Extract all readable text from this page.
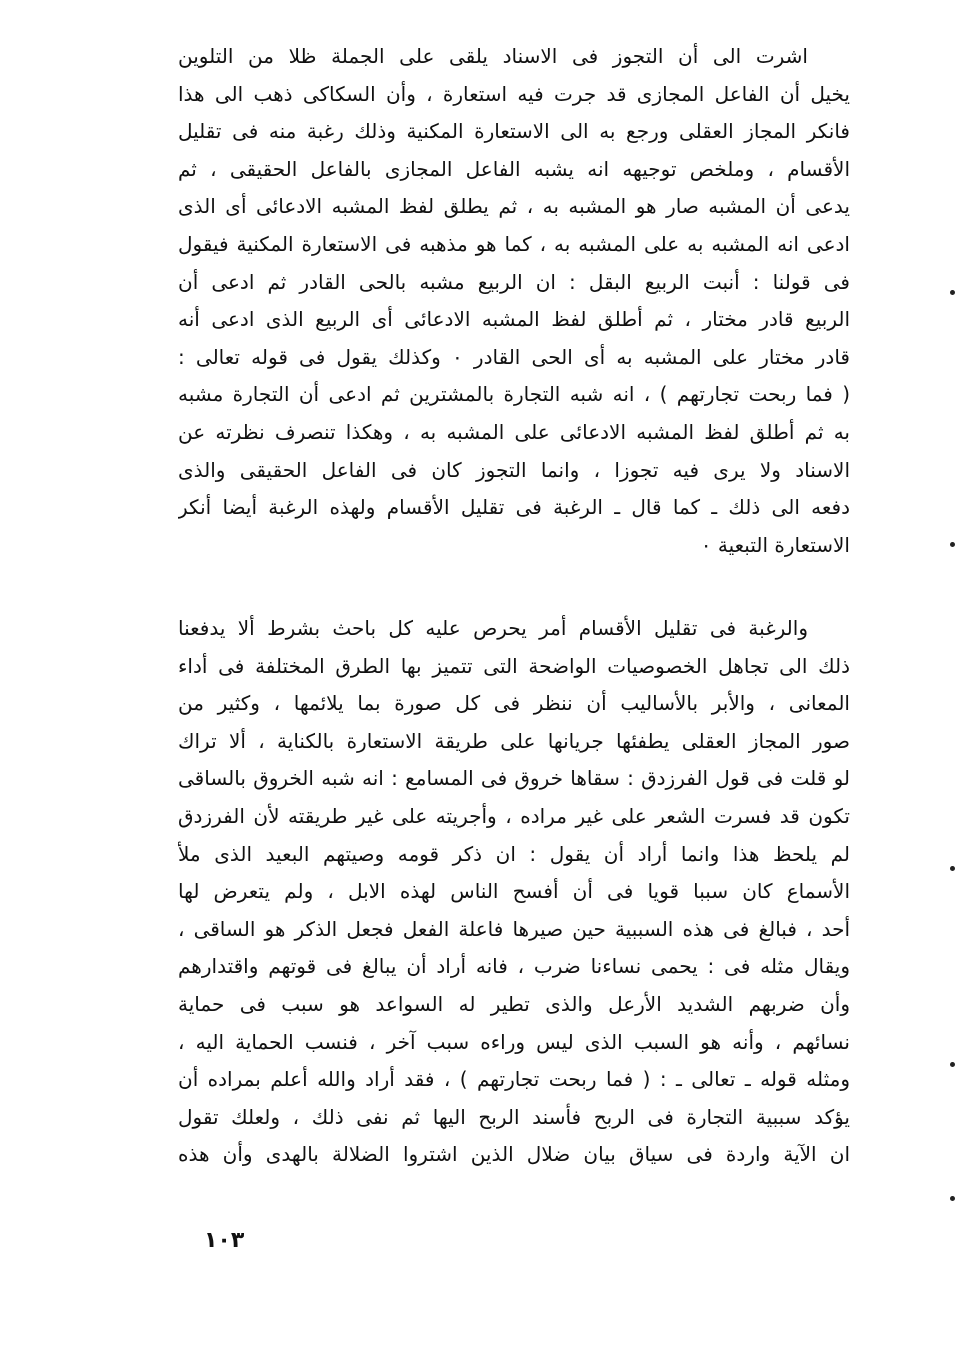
اشرت الى أن التجوز فى الاسناد يلقى على الجملة ظلا من التلوين
يخيل أن الفاعل المجازى قد جرت فيه استعارة ، وأن السكاكى ذهب الى هذا
فانكر المجاز العقلى ورجع به الى الاستعارة المكنية وذلك رغبة منه فى تقليل
الأقسام ، وملخص توجيهه انه يشبه الفاعل المجازى بالفاعل الحقيقى ، ثم
يدعى أن المشبه صار هو المشبه به ، ثم يطلق لفظ المشبه الادعائى أى الذى
ادعى انه المشبه به على المشبه به ، كما هو مذهبه فى الاستعارة المكنية فيقول
فى قولنا : أنبت الربيع البقل : ان الربيع مشبه بالحى القادر ثم ادعى أن
الربيع قادر مختار ، ثم أطلق لفظ المشبه الادعائى أى الربيع الذى ادعى أنه
قادر مختار على المشبه به أى الحى القادر ٠ وكذلك يقول فى قوله تعالى :
( فما ربحت تجارتهم ) ، انه شبه التجارة بالمشترين ثم ادعى أن التجارة مشبه
به ثم أطلق لفظ المشبه الادعائى على المشبه به ، وهكذا تنصرف نظرته عن
الاسناد ولا يرى فيه تجوزا ، وانما التجوز كان فى الفاعل الحقيقى والذى
دفعه الى ذلك ـ كما قال ـ الرغبة فى تقليل الأقسام ولهذه الرغبة أيضا أنكر
الاستعارة التبعية ٠
والرغبة فى تقليل الأقسام أمر يحرص عليه كل باحث بشرط ألا يدفعنا
ذلك الى تجاهل الخصوصيات الواضحة التى تتميز بها الطرق المختلفة فى أداء
المعانى ، والأبر بالأساليب أن ننظر فى كل صورة بما يلائمها ، وكثير من
صور المجاز العقلى يطفئها جريانها على طريقة الاستعارة بالكناية ، ألا تراك
لو قلت فى قول الفرزدق : سقاها خروق فى المسامع : انه شبه الخروق بالساقى
تكون قد فسرت الشعر على غير مراده ، وأجريته على غير طريقته لأن الفرزدق
لم يلحظ هذا وانما أراد أن يقول : ان ذكر قومه وصيتهم البعيد الذى ملأ
الأسماع كان سببا قويا فى أن أفسح الناس لهذه الابل ، ولم يتعرض لها
أحد ، فبالغ فى هذه السببية حين صيرها فاعلة الفعل فجعل الذكر هو الساقى ،
ويقال مثله فى : يحمى نساءنا ضرب ، فانه أراد أن يبالغ فى قوتهم واقتدارهم
وأن ضربهم الشديد الأرعل والذى تطير له السواعد هو سبب فى حماية
نسائهم ، وأنه هو السبب الذى ليس وراءه سبب آخر ، فنسب الحماية اليه ،
ومثله قوله ـ تعالى ـ : ( فما ربحت تجارتهم ) ، فقد أراد والله أعلم بمراده أن
يؤكد سببية التجارة فى الربح فأسند الربح اليها ثم نفى ذلك ، ولعلك تقول
ان الآية واردة فى سياق بيان ضلال الذين اشتروا الضلالة بالهدى وأن هذه
١٠٣
